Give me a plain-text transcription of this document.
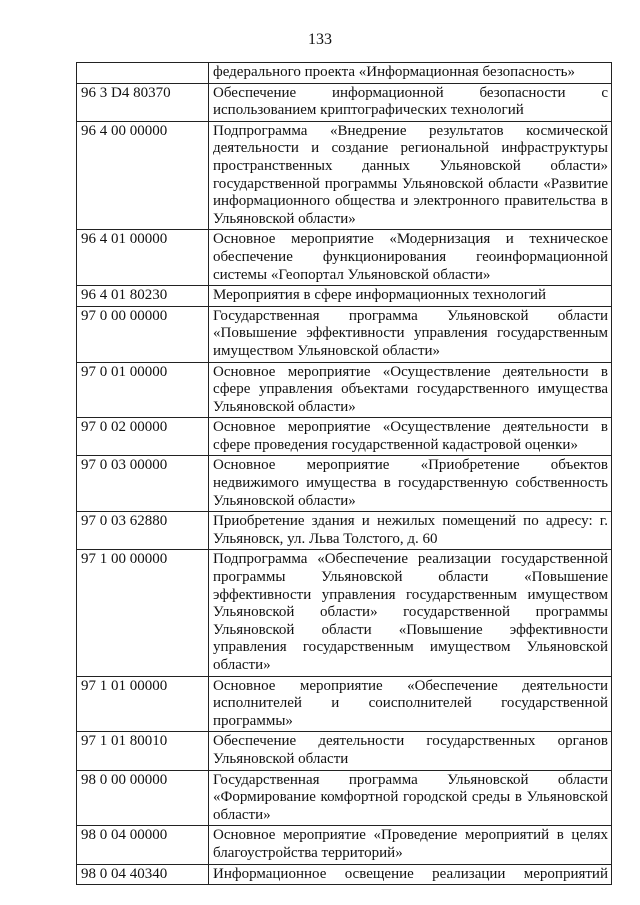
133
	федерального проекта «Информационная безопасность»
96 3 D4 80370	Обеспечение информационной безопасности с использованием криптографических технологий
96 4 00 00000	Подпрограмма «Внедрение результатов космической деятельности и создание региональной инфраструктуры пространственных данных Ульяновской области» государственной программы Ульяновской области «Развитие информационного общества и электронного правительства в Ульяновской области»
96 4 01 00000	Основное мероприятие «Модернизация и техническое обеспечение функционирования геоинформационной системы «Геопортал Ульяновской области»
96 4 01 80230	Мероприятия в сфере информационных технологий
97 0 00 00000	Государственная программа Ульяновской области «Повышение эффективности управления государственным имуществом Ульяновской области»
97 0 01 00000	Основное мероприятие «Осуществление деятельности в сфере управления объектами государственного имущества Ульяновской области»
97 0 02 00000	Основное мероприятие «Осуществление деятельности в сфере проведения государственной кадастровой оценки»
97 0 03 00000	Основное мероприятие «Приобретение объектов недвижимого имущества в государственную собственность Ульяновской области»
97 0 03 62880	Приобретение здания и нежилых помещений по адресу: г. Ульяновск, ул. Льва Толстого, д. 60
97 1 00 00000	Подпрограмма «Обеспечение реализации государственной программы Ульяновской области «Повышение эффективности управления государственным имуществом Ульяновской области» государственной программы Ульяновской области «Повышение эффективности управления государственным имуществом Ульяновской области»
97 1 01 00000	Основное мероприятие «Обеспечение деятельности исполнителей и соисполнителей государственной программы»
97 1 01 80010	Обеспечение деятельности государственных органов Ульяновской области
98 0 00 00000	Государственная программа Ульяновской области «Формирование комфортной городской среды в Ульяновской области»
98 0 04 00000	Основное мероприятие «Проведение мероприятий в целях благоустройства территорий»
98 0 04 40340	Информационное освещение реализации мероприятий
